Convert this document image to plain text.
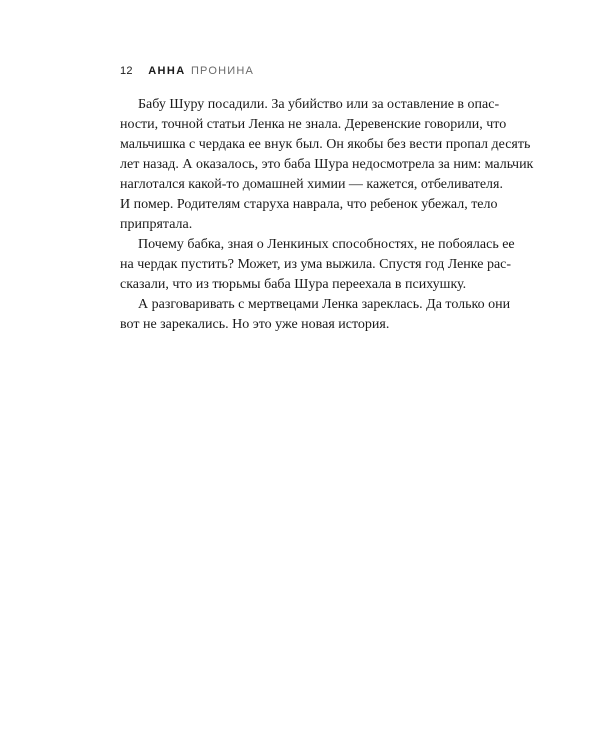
12 АННА ПРОНИНА

Бабу Шуру посадили. За убийство или за оставление в опас-
ности, точной статьи Ленка не знала. Деревенские говорили, что
мальчишка с чердака ее внук был. Он якобы без вести пропал десять
лет назад. А оказалось, это баба Шура недосмотрела за ним: мальчик
наглотался какой-то домашней химии — кажется, отбеливателя.
И помер. Родителям старуха наврала, что ребенок убежал, тело
припрятала.

Почему бабка, зная о Ленкиных способностях, не побоялась ее
на чердак пустить? Может, из ума выжила. Спустя год Ленке рас-
сказали, что из тюрьмы баба Шура переехала в психушку.

А разговаривать с мертвецами Ленка зареклась. Да только они
вот не зарекались. Но это уже новая история.
